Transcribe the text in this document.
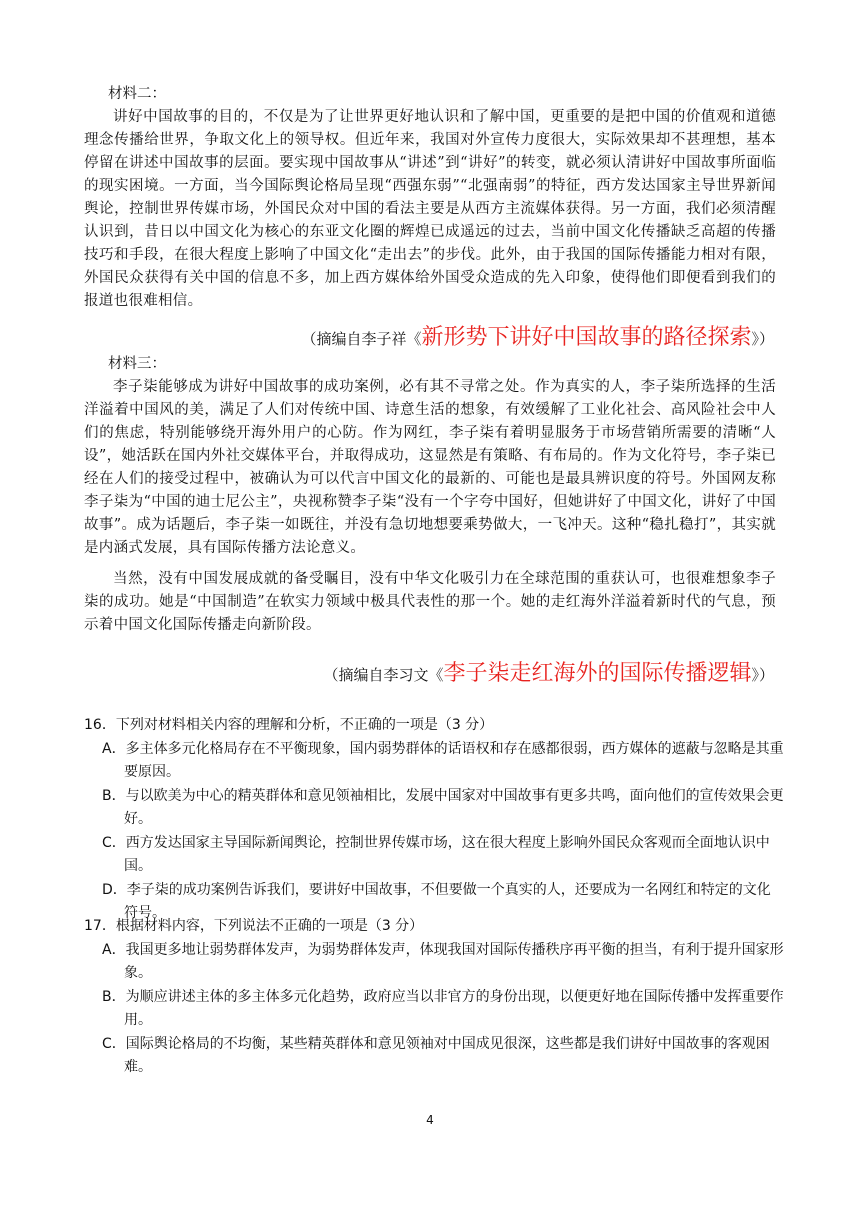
材料二：

讲好中国故事的目的，不仅是为了让世界更好地认识和了解中国，更重要的是把中国的价值观和道德理念传播给世界，争取文化上的领导权。但近年来，我国对外宣传力度很大，实际效果却不甚理想，基本停留在讲述中国故事的层面。要实现中国故事从“讲述”到“讲好”的转变，就必须认清讲好中国故事所面临的现实困境。一方面，当今国际舆论格局呈现“西强东弱”“北强南弱”的特征，西方发达国家主导世界新闻舆论，控制世界传媒市场，外国民众对中国的看法主要是从西方主流媒体获得。另一方面，我们必须清醒认识到，昔日以中国文化为核心的东亚文化圈的辉煌已成遥远的过去，当前中国文化传播缺乏高超的传播技巧和手段，在很大程度上影响了中国文化“走出去”的步伐。此外，由于我国的国际传播能力相对有限，外国民众获得有关中国的信息不多，加上西方媒体给外国受众造成的先入印象，使得他们即便看到我们的报道也很难相信。

（摘编自李子祥《 新形势下讲好中国故事的路径探索 》）
材料三：

李子柒能够成为讲好中国故事的成功案例，必有其不寻常之处。作为真实的人，李子柒所选择的生活洋溢着中国风的美，满足了人们对传统中国、诗意生活的想象，有效缓解了工业化社会、高风险社会中人们的焦虑，特别能够绕开海外用户的心防。作为网红，李子柒有着明显服务于市场营销所需要的清晰“人设”，她活跃在国内外社交媒体平台，并取得成功，这显然是有策略、有布局的。作为文化符号，李子柒已经在人们的接受过程中，被确认为可以代言中国文化的最新的、可能也是最具辨识度的符号。外国网友称李子柒为“中国的迪士尼公主”，央视称赞李子柒“没有一个字夸中国好，但她讲好了中国文化，讲好了中国故事”。成为话题后，李子柒一如既往，并没有急切地想要乘势做大，一飞冲天。这种“稳扎稳打”，其实就是内涵式发展，具有国际传播方法论意义。

当然，没有中国发展成就的备受瞩目，没有中华文化吸引力在全球范围的重获认可，也很难想象李子柒的成功。她是“中国制造”在软实力领域中极具代表性的那一个。她的走红海外洋溢着新时代的气息，预示着中国文化国际传播走向新阶段。

（摘编自李习文《 李子柒走红海外的国际传播逻辑 》）

16．下列对材料相关内容的理解和分析，不正确的一项是（3 分）

A．多主体多元化格局存在不平衡现象，国内弱势群体的话语权和存在感都很弱，西方媒体的遮蔽与忽略是其重要原因。

B．与以欧美为中心的精英群体和意见领袖相比，发展中国家对中国故事有更多共鸣，面向他们的宣传效果会更好。

C．西方发达国家主导国际新闻舆论，控制世界传媒市场，这在很大程度上影响外国民众客观而全面地认识中国。

D．李子柒的成功案例告诉我们，要讲好中国故事，不但要做一个真实的人，还要成为一名网红和特定的文化符号。

17．根据材料内容，下列说法不正确的一项是（3 分）

A．我国更多地让弱势群体发声，为弱势群体发声，体现我国对国际传播秩序再平衡的担当，有利于提升国家形象。

B．为顺应讲述主体的多主体多元化趋势，政府应当以非官方的身份出现，以便更好地在国际传播中发挥重要作用。

C．国际舆论格局的不均衡，某些精英群体和意见领袖对中国成见很深，这些都是我们讲好中国故事的客观困难。

4
